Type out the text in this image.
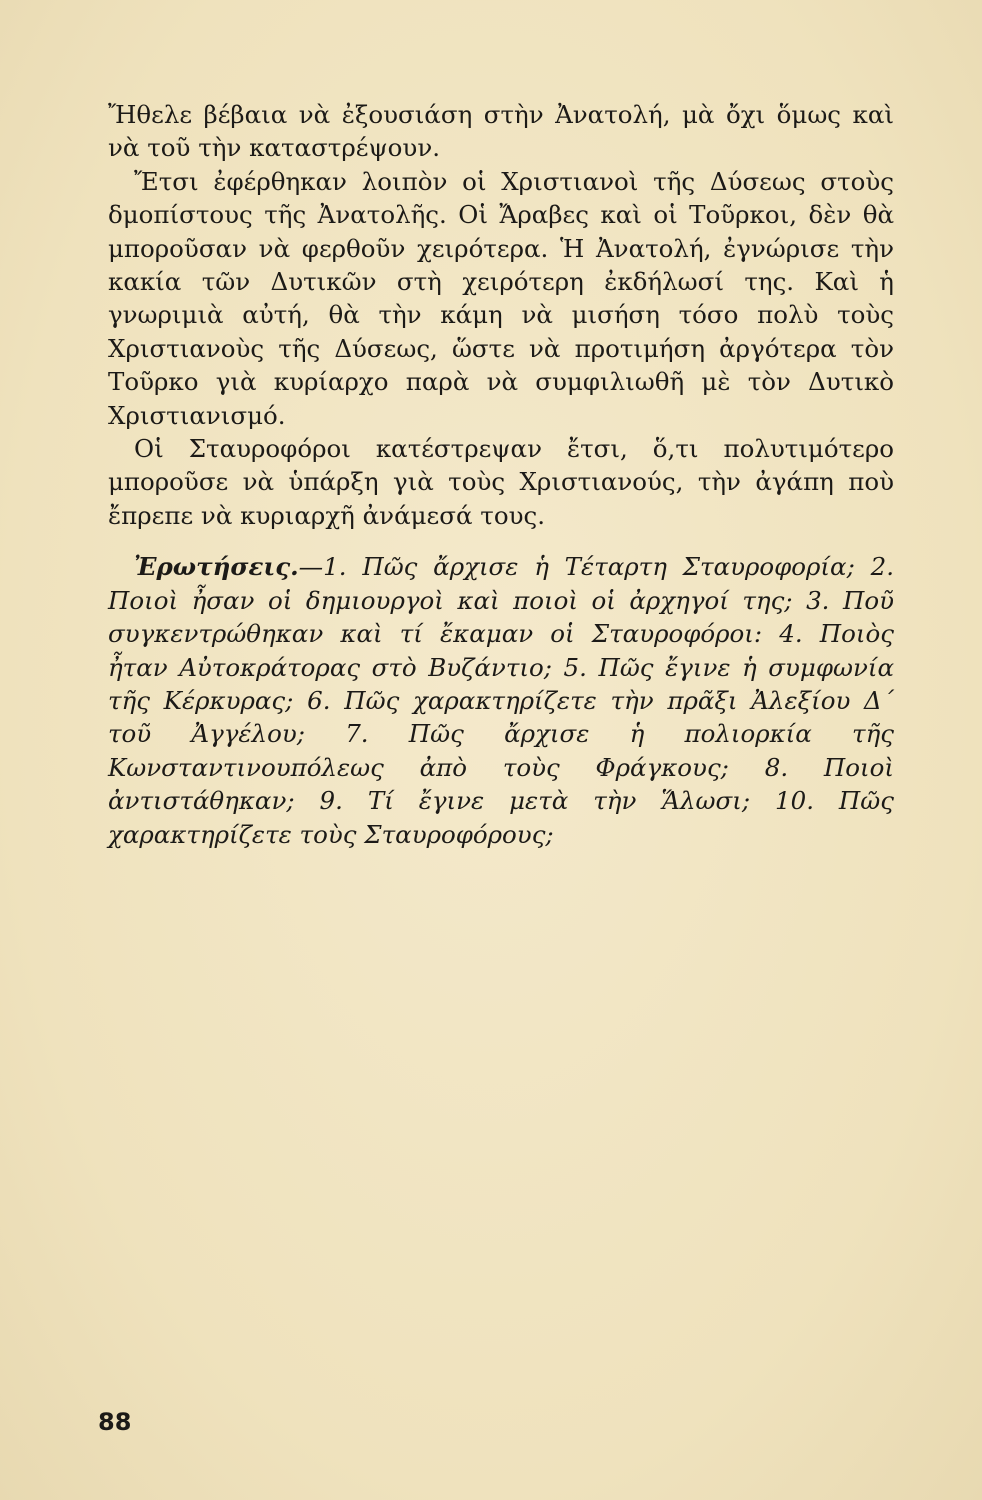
Ἤθελε βέβαια νὰ ἐξουσιάση στὴν Ἀνατολή, μὰ ὄχι ὅμως καὶ νὰ τοῦ τὴν καταστρέψουν.

Ἔτσι ἐφέρθηκαν λοιπὸν οἱ Χριστιανοὶ τῆς Δύσεως στοὺς δμοπίστους τῆς Ἀνατολῆς. Οἱ Ἄραβες καὶ οἱ Τοῦρκοι, δὲν θὰ μποροῦσαν νὰ φερθοῦν χειρότερα. Ἡ Ἀνατολή, ἐγνώρισε τὴν κακία τῶν Δυτικῶν στὴ χειρότερη ἐκδήλωσί της. Καὶ ἡ γνωριμιὰ αὐτή, θὰ τὴν κάμη νὰ μισήση τόσο πολὺ τοὺς Χριστιανοὺς τῆς Δύσεως, ὥστε νὰ προτιμήση ἀργότερα τὸν Τοῦρκο γιὰ κυρίαρχο παρὰ νὰ συμφιλιωθῆ μὲ τὸν Δυτικὸ Χριστιανισμό.

Οἱ Σταυροφόροι κατέστρεψαν ἔτσι, ὅ,τι πολυτιμότερο μποροῦσε νὰ ὑπάρξη γιὰ τοὺς Χριστιανούς, τὴν ἀγάπη ποὺ ἔπρεπε νὰ κυριαρχῆ ἀνάμεσά τους.

Ἐρωτήσεις.—1. Πῶς ἄρχισε ἡ Τέταρτη Σταυροφορία; 2. Ποιοὶ ἦσαν οἱ δημιουργοὶ καὶ ποιοὶ οἱ ἀρχηγοί της; 3. Ποῦ συγκεντρώθηκαν καὶ τί ἔκαμαν οἱ Σταυροφόροι: 4. Ποιὸς ἦταν Αὐτοκράτορας στὸ Βυζάντιο; 5. Πῶς ἔγινε ἡ συμφωνία τῆς Κέρκυρας; 6. Πῶς χαρακτηρίζετε τὴν πρᾶξι Ἀλεξίου Δ΄ τοῦ Ἀγγέλου; 7. Πῶς ἄρχισε ἡ πολιορκία τῆς Κωνσταντινουπόλεως ἀπὸ τοὺς Φράγκους; 8. Ποιοὶ ἀντιστάθηκαν; 9. Τί ἔγινε μετὰ τὴν Ἅλωσι; 10. Πῶς χαρακτηρίζετε τοὺς Σταυροφόρους;

88
